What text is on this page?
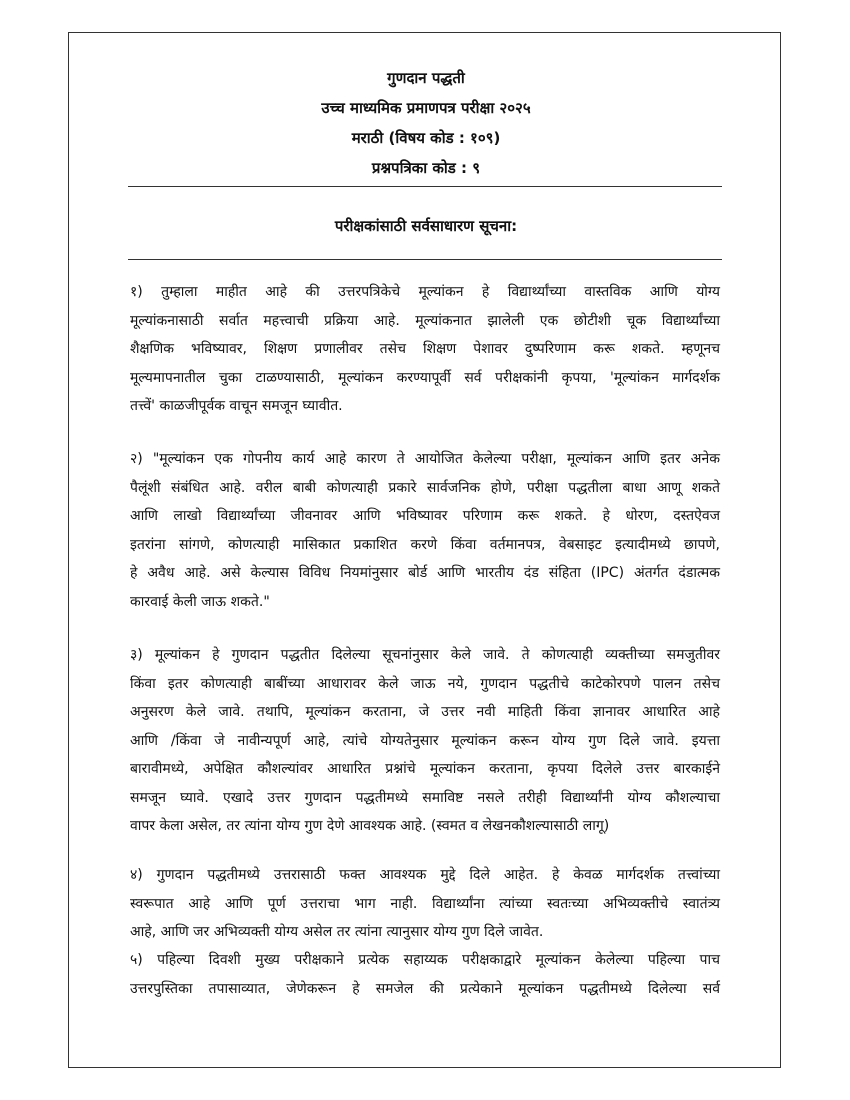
गुणदान पद्धती
उच्च माध्यमिक प्रमाणपत्र परीक्षा २०२५
मराठी (विषय कोड : १०९)
प्रश्नपत्रिका कोड : ९
परीक्षकांसाठी सर्वसाधारण सूचना:
१) तुम्हाला माहीत आहे की उत्तरपत्रिकेचे मूल्यांकन हे विद्यार्थ्यांच्या वास्तविक आणि योग्य
मूल्यांकनासाठी सर्वात महत्त्वाची प्रक्रिया आहे. मूल्यांकनात झालेली एक छोटीशी चूक विद्यार्थ्यांच्या
शैक्षणिक भविष्यावर, शिक्षण प्रणालीवर तसेच शिक्षण पेशावर दुष्परिणाम करू शकते. म्हणूनच
मूल्यमापनातील चुका टाळण्यासाठी, मूल्यांकन करण्यापूर्वी सर्व परीक्षकांनी कृपया, 'मूल्यांकन मार्गदर्शक
तत्त्वें' काळजीपूर्वक वाचून समजून घ्यावीत.
२) "मूल्यांकन एक गोपनीय कार्य आहे कारण ते आयोजित केलेल्या परीक्षा, मूल्यांकन आणि इतर अनेक
पैलूंशी संबंधित आहे. वरील बाबी कोणत्याही प्रकारे सार्वजनिक होणे, परीक्षा पद्धतीला बाधा आणू शकते
आणि लाखो विद्यार्थ्यांच्या जीवनावर आणि भविष्यावर परिणाम करू शकते. हे धोरण, दस्तऐवज
इतरांना सांगणे, कोणत्याही मासिकात प्रकाशित करणे किंवा वर्तमानपत्र, वेबसाइट इत्यादीमध्ये छापणे,
हे अवैध आहे. असे केल्यास विविध नियमांनुसार बोर्ड आणि भारतीय दंड संहिता (IPC) अंतर्गत दंडात्मक
कारवाई केली जाऊ शकते."
३) मूल्यांकन हे गुणदान पद्धतीत दिलेल्या सूचनांनुसार केले जावे. ते कोणत्याही व्यक्तीच्या समजुतीवर
किंवा इतर कोणत्याही बाबींच्या आधारावर केले जाऊ नये, गुणदान पद्धतीचे काटेकोरपणे पालन तसेच
अनुसरण केले जावे. तथापि, मूल्यांकन करताना, जे उत्तर नवी माहिती किंवा ज्ञानावर आधारित आहे
आणि /किंवा जे नावीन्यपूर्ण आहे, त्यांचे योग्यतेनुसार मूल्यांकन करून योग्य गुण दिले जावे. इयत्ता
बारावीमध्ये, अपेक्षित कौशल्यांवर आधारित प्रश्नांचे मूल्यांकन करताना, कृपया दिलेले उत्तर बारकाईने
समजून घ्यावे. एखादे उत्तर गुणदान पद्धतीमध्ये समाविष्ट नसले तरीही विद्यार्थ्यांनी योग्य कौशल्याचा
वापर केला असेल, तर त्यांना योग्य गुण देणे आवश्यक आहे. (स्वमत व लेखनकौशल्यासाठी लागू)
४) गुणदान पद्धतीमध्ये उत्तरासाठी फक्त आवश्यक मुद्दे दिले आहेत. हे केवळ मार्गदर्शक तत्त्वांच्या
स्वरूपात आहे आणि पूर्ण उत्तराचा भाग नाही. विद्यार्थ्यांना त्यांच्या स्वतःच्या अभिव्यक्तीचे स्वातंत्र्य
आहे, आणि जर अभिव्यक्ती योग्य असेल तर त्यांना त्यानुसार योग्य गुण दिले जावेत.
५) पहिल्या दिवशी मुख्य परीक्षकाने प्रत्येक सहाय्यक परीक्षकाद्वारे मूल्यांकन केलेल्या पहिल्या पाच
उत्तरपुस्तिका तपासाव्यात, जेणेकरून हे समजेल की प्रत्येकाने मूल्यांकन पद्धतीमध्ये दिलेल्या सर्व
